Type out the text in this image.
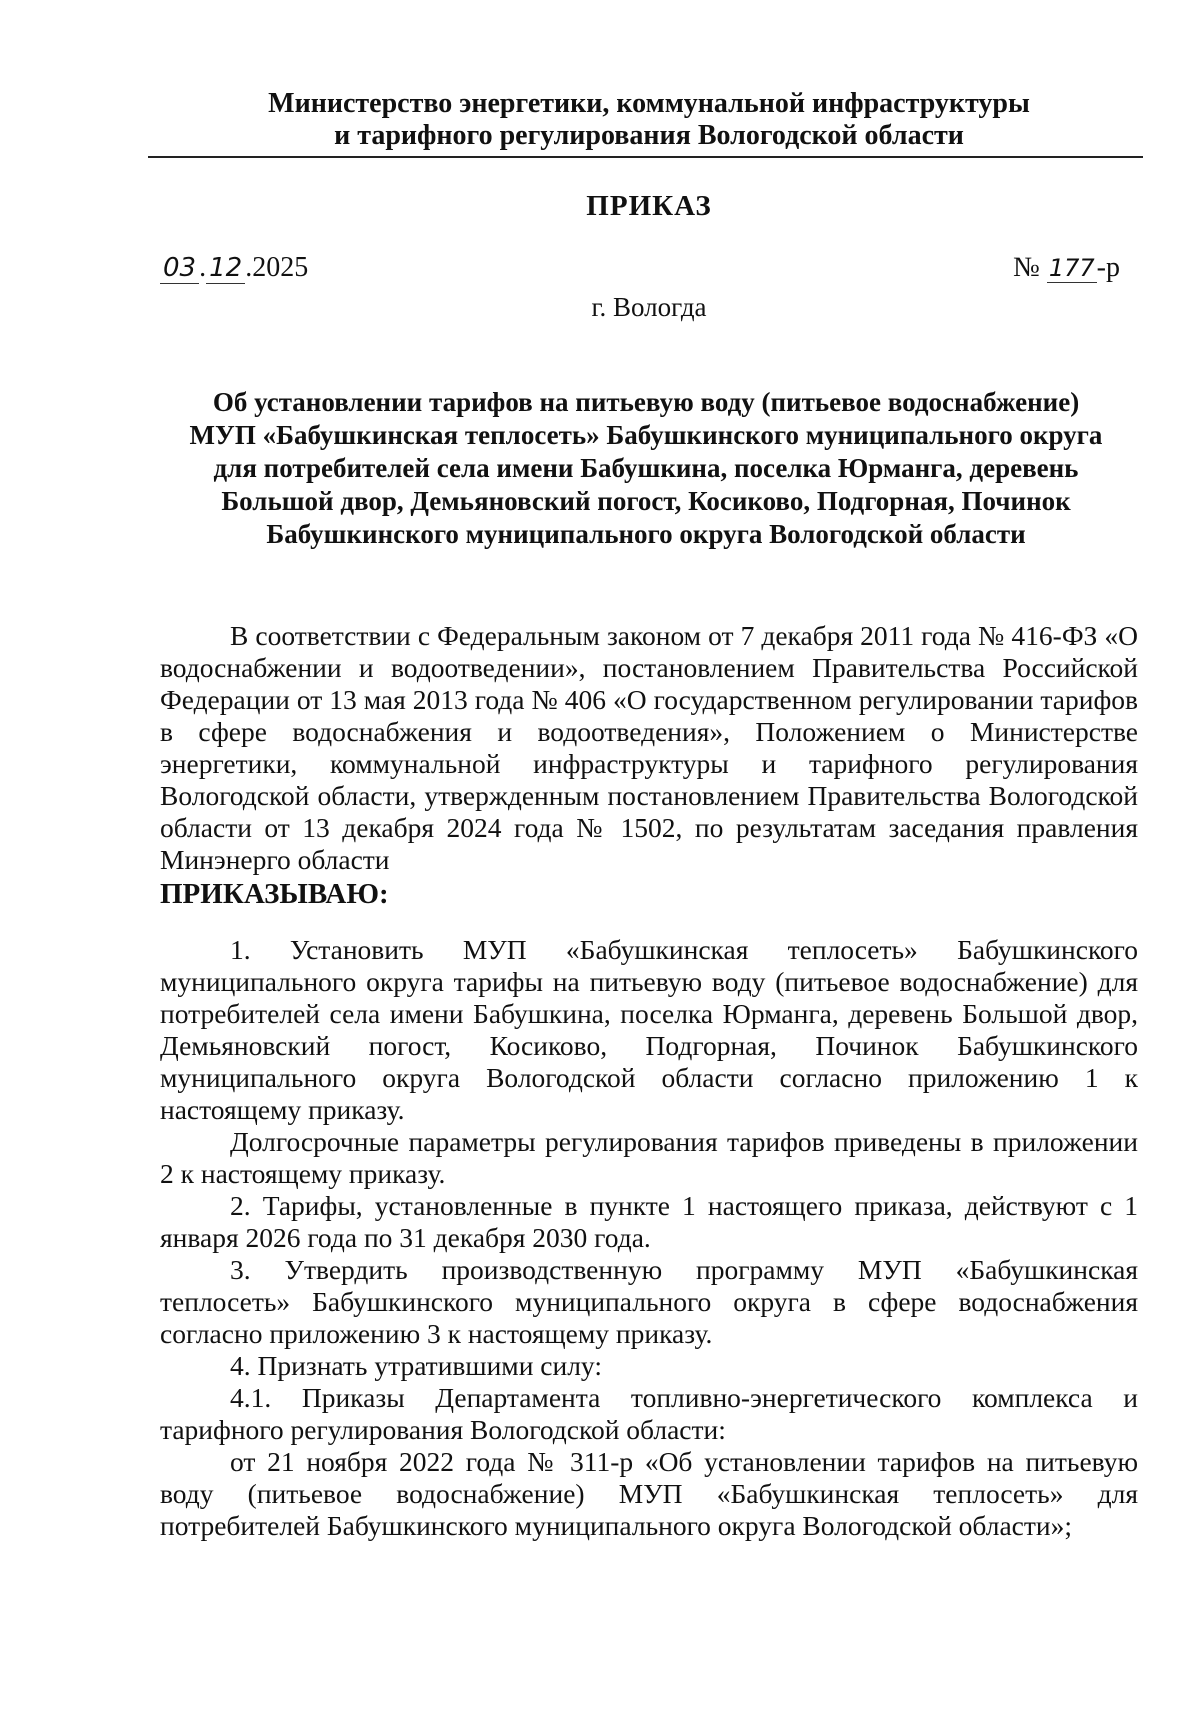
Министерство энергетики, коммунальной инфраструктуры
и тарифного регулирования Вологодской области
ПРИКАЗ
03 . 12 .2025	№ 177-р
г. Вологда
Об установлении тарифов на питьевую воду (питьевое водоснабжение)
МУП «Бабушкинская теплосеть» Бабушкинского муниципального округа
для потребителей села имени Бабушкина, поселка Юрманга, деревень
Большой двор, Демьяновский погост, Косиково, Подгорная, Починок
Бабушкинского муниципального округа Вологодской области

В соответствии с Федеральным законом от 7 декабря 2011 года № 416-ФЗ «О водоснабжении и водоотведении», постановлением Правительства Российской Федерации от 13 мая 2013 года № 406 «О государственном регулировании тарифов в сфере водоснабжения и водоотведения», Положением о Министерстве энергетики, коммунальной инфраструктуры и тарифного регулирования Вологодской области, утвержденным постановлением Правительства Вологодской области от 13 декабря 2024 года № 1502, по результатам заседания правления Минэнерго области

ПРИКАЗЫВАЮ:

1. Установить МУП «Бабушкинская теплосеть» Бабушкинского муниципального округа тарифы на питьевую воду (питьевое водоснабжение) для потребителей села имени Бабушкина, поселка Юрманга, деревень Большой двор, Демьяновский погост, Косиково, Подгорная, Починок Бабушкинского муниципального округа Вологодской области согласно приложению 1 к настоящему приказу.

Долгосрочные параметры регулирования тарифов приведены в приложении 2 к настоящему приказу.

2. Тарифы, установленные в пункте 1 настоящего приказа, действуют с 1 января 2026 года по 31 декабря 2030 года.

3. Утвердить производственную программу МУП «Бабушкинская теплосеть» Бабушкинского муниципального округа в сфере водоснабжения согласно приложению 3 к настоящему приказу.

4. Признать утратившими силу:

4.1. Приказы Департамента топливно-энергетического комплекса и тарифного регулирования Вологодской области:

от 21 ноября 2022 года № 311-р «Об установлении тарифов на питьевую воду (питьевое водоснабжение) МУП «Бабушкинская теплосеть» для потребителей Бабушкинского муниципального округа Вологодской области»;
